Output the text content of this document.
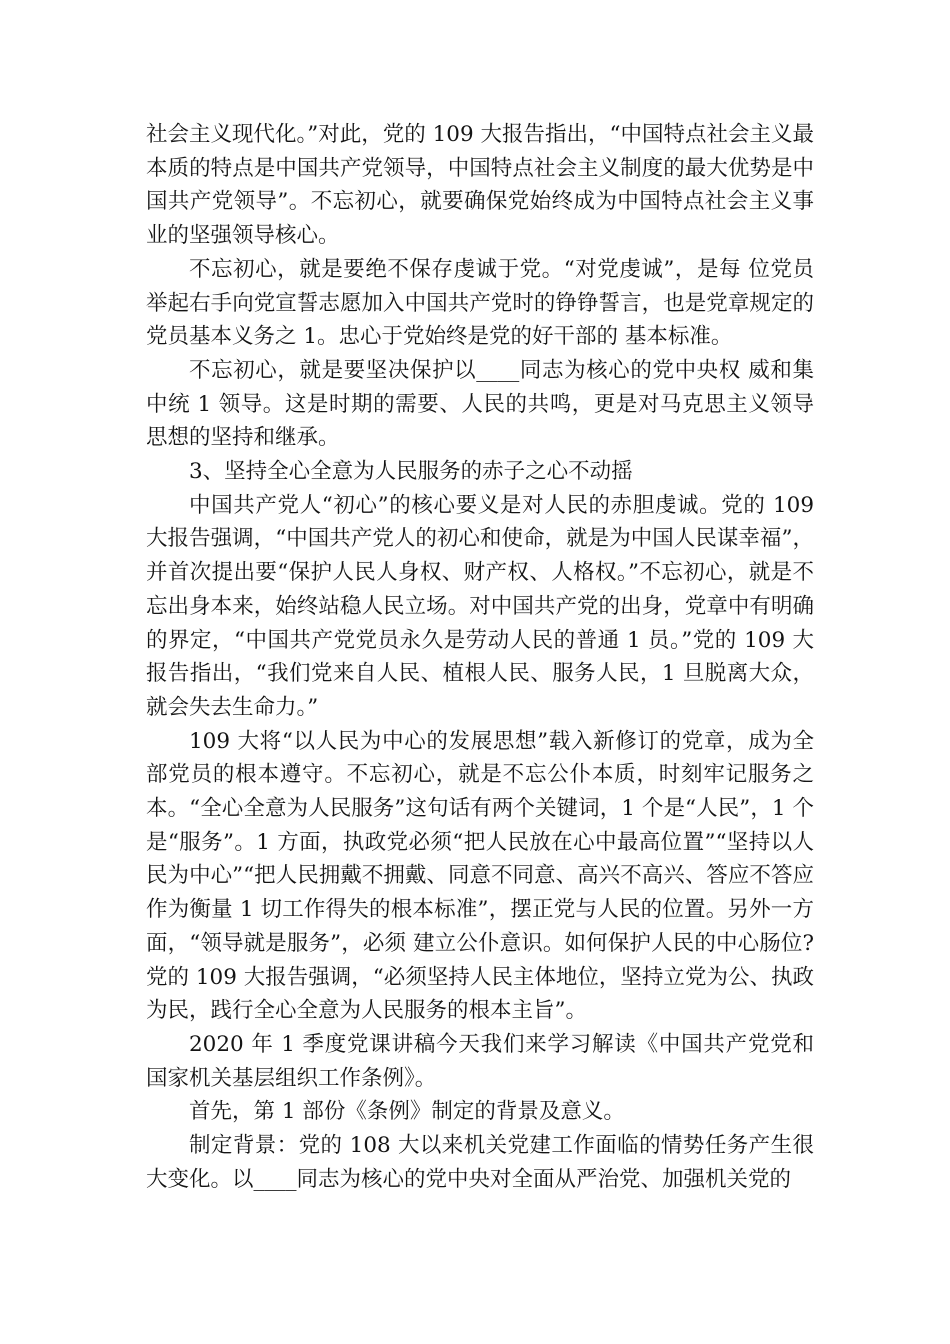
社会主义现代化。”对此，党的 109 大报告指出，“中国特点社会主义最本质的特点是中国共产党领导，中国特点社会主义制度的最大优势是中国共产党领导”。不忘初心，就要确保党始终成为中国特点社会主义事业的坚强领导核心。

不忘初心，就是要绝不保存虔诚于党。“对党虔诚”，是每 位党员举起右手向党宣誓志愿加入中国共产党时的铮铮誓言，也是党章规定的党员基本义务之 1。忠心于党始终是党的好干部的 基本标准。

不忘初心，就是要坚决保护以____同志为核心的党中央权 威和集中统 1 领导。这是时期的需要、人民的共鸣，更是对马克思主义领导思想的坚持和继承。

3、坚持全心全意为人民服务的赤子之心不动摇

中国共产党人“初心”的核心要义是对人民的赤胆虔诚。党的 109 大报告强调，“中国共产党人的初心和使命，就是为中国人民谋幸福”，并首次提出要“保护人民人身权、财产权、人格权。”不忘初心，就是不忘出身本来，始终站稳人民立场。对中国共产党的出身，党章中有明确的界定，“中国共产党党员永久是劳动人民的普通 1 员。”党的 109 大报告指出，“我们党来自人民、植根人民、服务人民，1 旦脱离大众，就会失去生命力。”

109 大将“以人民为中心的发展思想”载入新修订的党章，成为全部党员的根本遵守。不忘初心，就是不忘公仆本质，时刻牢记服务之本。“全心全意为人民服务”这句话有两个关键词，1 个是“人民”，1 个是“服务”。1 方面，执政党必须“把人民放在心中最高位置”“坚持以人民为中心”“把人民拥戴不拥戴、同意不同意、高兴不高兴、答应不答应作为衡量 1 切工作得失的根本标准”，摆正党与人民的位置。另外一方面，“领导就是服务”，必须 建立公仆意识。如何保护人民的中心肠位?党的 109 大报告强调，“必须坚持人民主体地位，坚持立党为公、执政为民，践行全心全意为人民服务的根本主旨”。

2020 年 1 季度党课讲稿今天我们来学习解读《中国共产党党和国家机关基层组织工作条例》。

首先，第 1 部份《条例》制定的背景及意义。

制定背景：党的 108 大以来机关党建工作面临的情势任务产生很大变化。以____同志为核心的党中央对全面从严治党、加强机关党的
